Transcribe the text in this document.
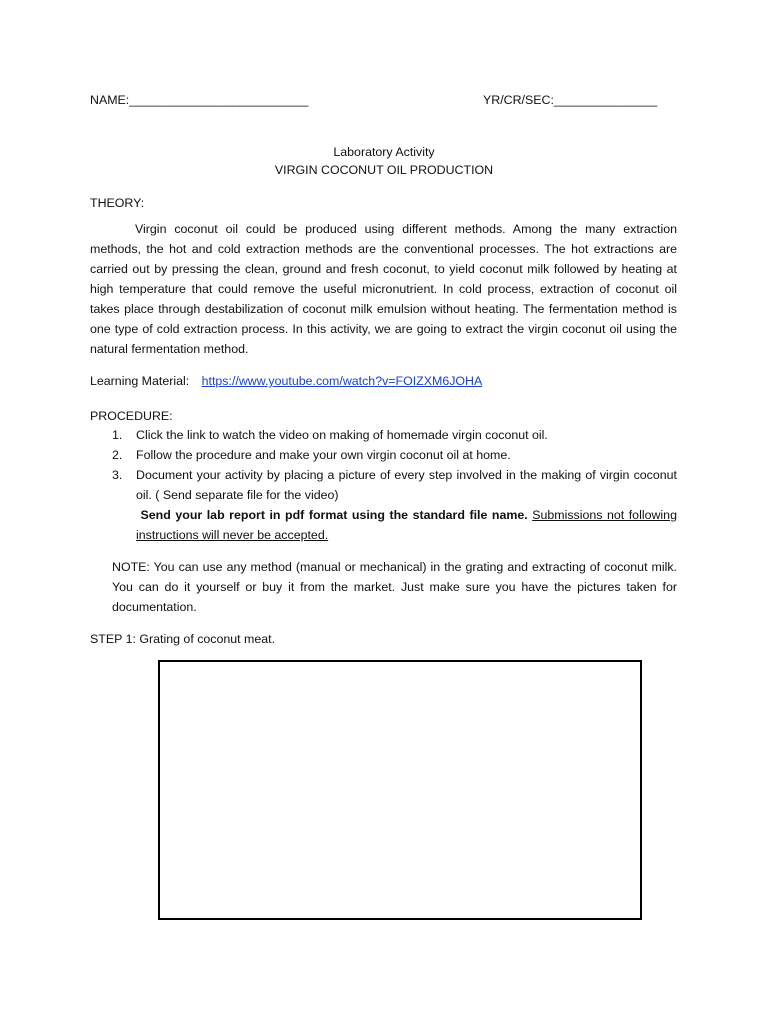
NAME:__________________________	YR/CR/SEC:_______________
Laboratory Activity
VIRGIN COCONUT OIL PRODUCTION
THEORY:
Virgin coconut oil could be produced using different methods. Among the many extraction methods, the hot and cold extraction methods are the conventional processes. The hot extractions are carried out by pressing the clean, ground and fresh coconut, to yield coconut milk followed by heating at high temperature that could remove the useful micronutrient. In cold process, extraction of coconut oil takes place through destabilization of coconut milk emulsion without heating. The fermentation method is one type of cold extraction process. In this activity, we are going to extract the virgin coconut oil using the natural fermentation method.
Learning Material: https://www.youtube.com/watch?v=FOIZXM6JOHA
PROCEDURE:
1. Click the link to watch the video on making of homemade virgin coconut oil.
2. Follow the procedure and make your own virgin coconut oil at home.
3. Document your activity by placing a picture of every step involved in the making of virgin coconut oil. ( Send separate file for the video)
Send your lab report in pdf format using the standard file name. Submissions not following instructions will never be accepted.
NOTE: You can use any method (manual or mechanical) in the grating and extracting of coconut milk. You can do it yourself or buy it from the market. Just make sure you have the pictures taken for documentation.
STEP 1: Grating of coconut meat.
